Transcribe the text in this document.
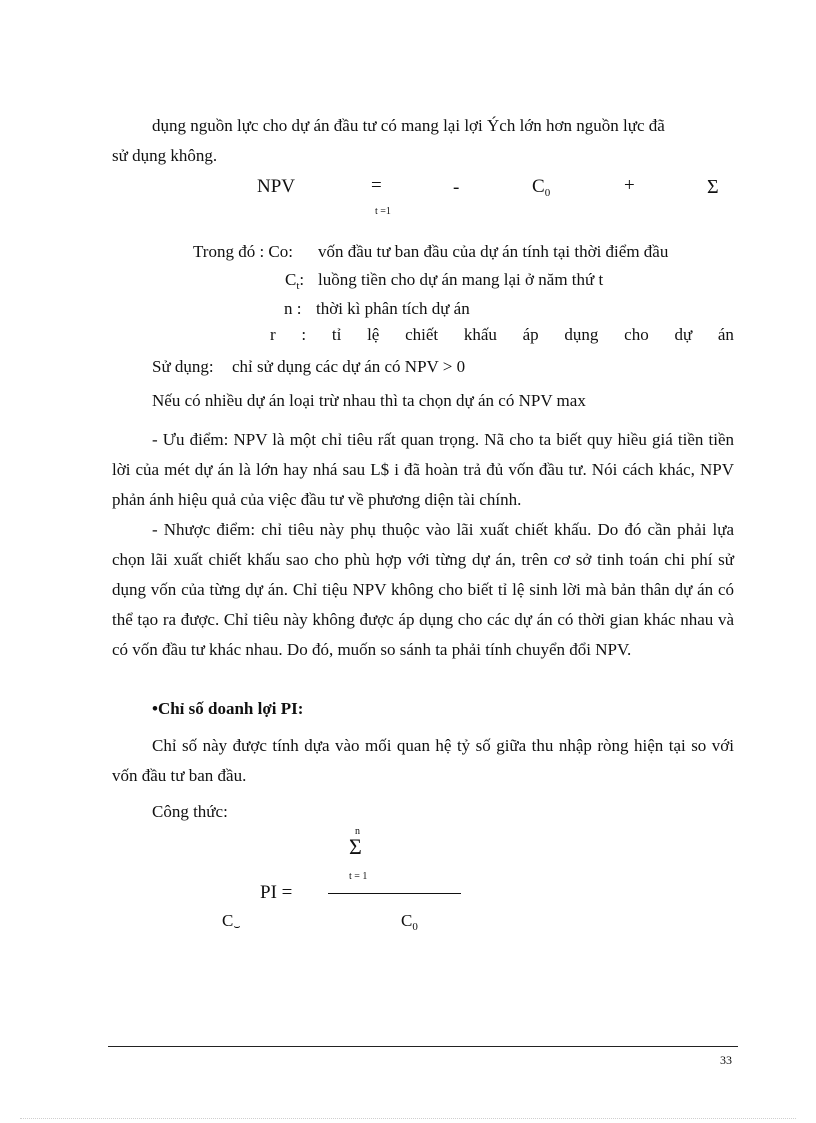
dụng nguồn lực cho dự án đầu tư có mang lại lợi Ých lớn hơn nguồn lực đã
sử dụng không.
NPV	=	-	$C_0$	+	Σ
t =1
Trong đó : Co: vốn đầu tư ban đầu của dự án tính tại thời điểm đầu
$C_t$: luồng tiền cho dự án mang lại ở năm thứ t
n : thời kì phân tích dự án
r : tỉ lệ chiết khấu áp dụng cho dự án
Sử dụng: chỉ sử dụng các dự án có NPV > 0
Nếu có nhiều dự án loại trừ nhau thì ta chọn dự án có NPV max
- Ưu điểm: NPV là một chỉ tiêu rất quan trọng. Nã cho ta biết quy hiều giá tiền tiền lời của mét dự án là lớn hay nhá sau L$ i đã hoàn trả đủ vốn đầu tư. Nói cách khác, NPV phản ánh hiệu quả của việc đầu tư về phương diện tài chính.
- Nhược điểm: chỉ tiêu này phụ thuộc vào lãi xuất chiết khấu. Do đó cần phải lựa chọn lãi xuất chiết khấu sao cho phù hợp với từng dự án, trên cơ sở tinh toán chi phí sử dụng vốn của từng dự án. Chỉ tiệu NPV không cho biết tỉ lệ sinh lời mà bản thân dự án có thể tạo ra được. Chỉ tiêu này không được áp dụng cho các dự án có thời gian khác nhau và có vốn đầu tư khác nhau. Do đó, muốn so sánh ta phải tính chuyển đổi NPV.
•Chỉ số doanh lợi PI:
Chỉ số này được tính dựa vào mối quan hệ tỷ số giữa thu nhập ròng hiện tại so với vốn đầu tư ban đầu.
Công thức:
n
Σ
t = 1
PI =
$C_⌣$	$C_0$
33
